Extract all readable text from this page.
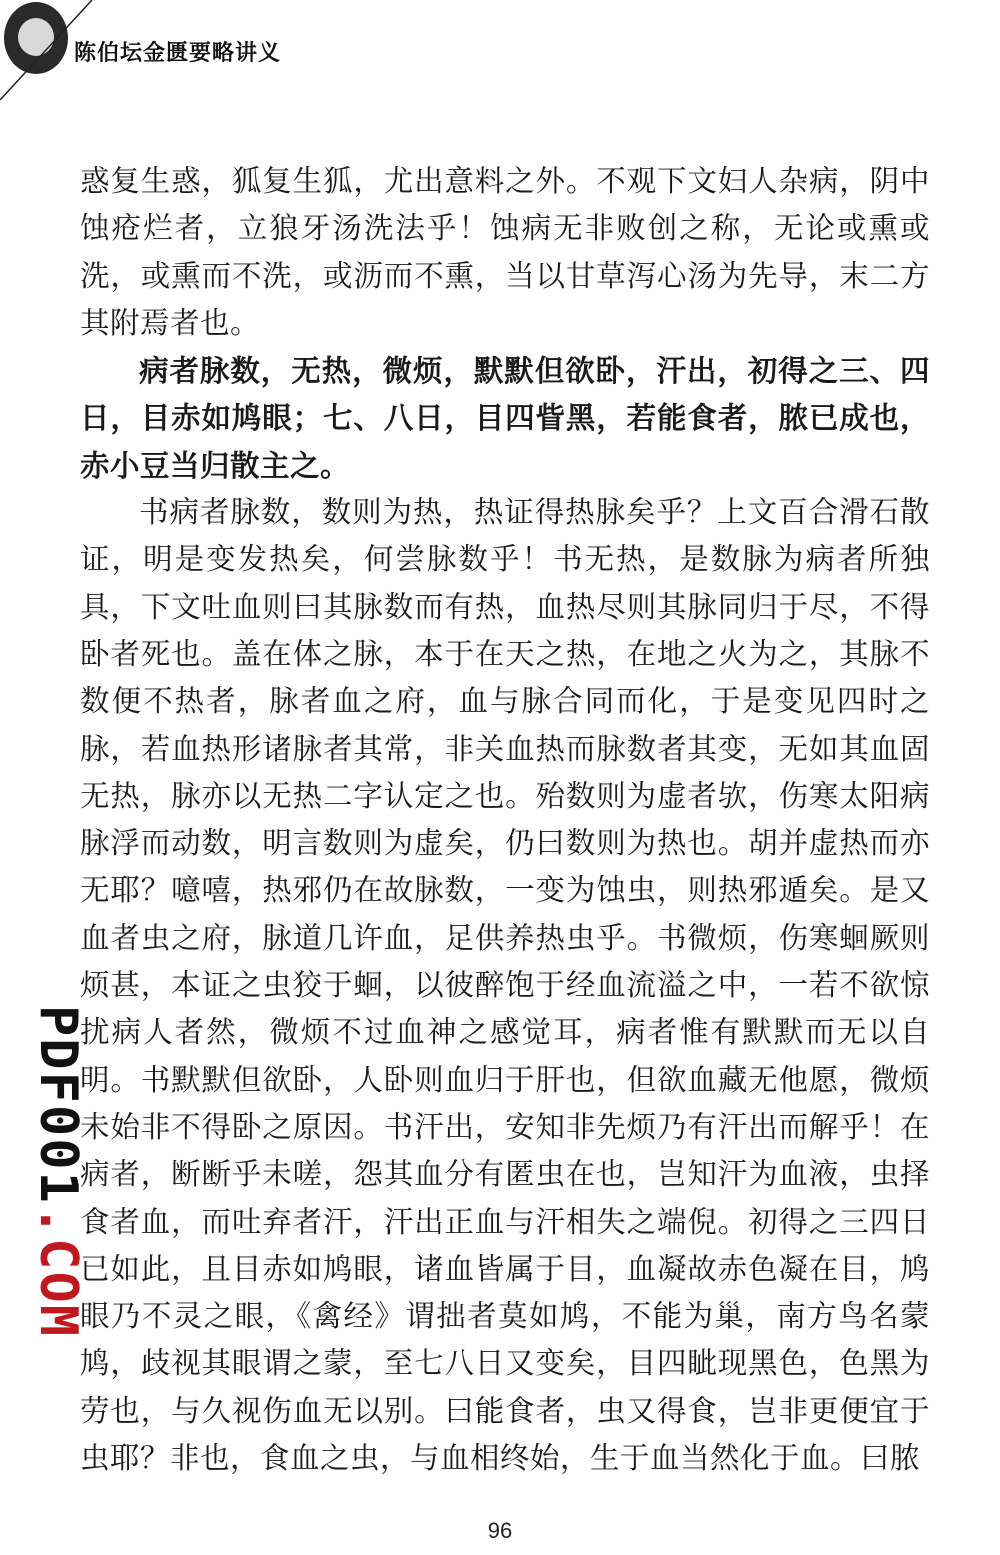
陈伯坛金匮要略讲义
PDF001.COM

惑复生惑，狐复生狐，尤出意料之外。不观下文妇人杂病，阴中蚀疮烂者，立狼牙汤洗法乎！蚀病无非败创之称，无论或熏或洗，或熏而不洗，或沥而不熏，当以甘草泻心汤为先导，末二方其附焉者也。

病者脉数，无热，微烦，默默但欲卧，汗出，初得之三、四日，目赤如鸠眼；七、八日，目四眥黑，若能食者，脓已成也，赤小豆当归散主之。

书病者脉数，数则为热，热证得热脉矣乎？上文百合滑石散证，明是变发热矣，何尝脉数乎！书无热，是数脉为病者所独具，下文吐血则曰其脉数而有热，血热尽则其脉同归于尽，不得卧者死也。盖在体之脉，本于在天之热，在地之火为之，其脉不数便不热者，脉者血之府，血与脉合同而化，于是变见四时之脉，若血热形诸脉者其常，非关血热而脉数者其变，无如其血固无热，脉亦以无热二字认定之也。殆数则为虚者欤，伤寒太阳病脉浮而动数，明言数则为虚矣，仍曰数则为热也。胡并虚热而亦无耶？噫嘻，热邪仍在故脉数，一变为蚀虫，则热邪遁矣。是又血者虫之府，脉道几许血，足供养热虫乎。书微烦，伤寒蛔厥则烦甚，本证之虫狡于蛔，以彼醉饱于经血流溢之中，一若不欲惊扰病人者然，微烦不过血神之感觉耳，病者惟有默默而无以自明。书默默但欲卧，人卧则血归于肝也，但欲血藏无他愿，微烦未始非不得卧之原因。书汗出，安知非先烦乃有汗出而解乎！在病者，断断乎未嗟，怨其血分有匿虫在也，岂知汗为血液，虫择食者血，而吐弃者汗，汗出正血与汗相失之端倪。初得之三四日已如此，且目赤如鸠眼，诸血皆属于目，血凝故赤色凝在目，鸠眼乃不灵之眼，《禽经》谓拙者莫如鸠，不能为巢，南方鸟名蒙鸠，歧视其眼谓之蒙，至七八日又变矣，目四眦现黑色，色黑为劳也，与久视伤血无以别。曰能食者，虫又得食，岂非更便宜于虫耶？非也，食血之虫，与血相终始，生于血当然化于血。曰脓

96
